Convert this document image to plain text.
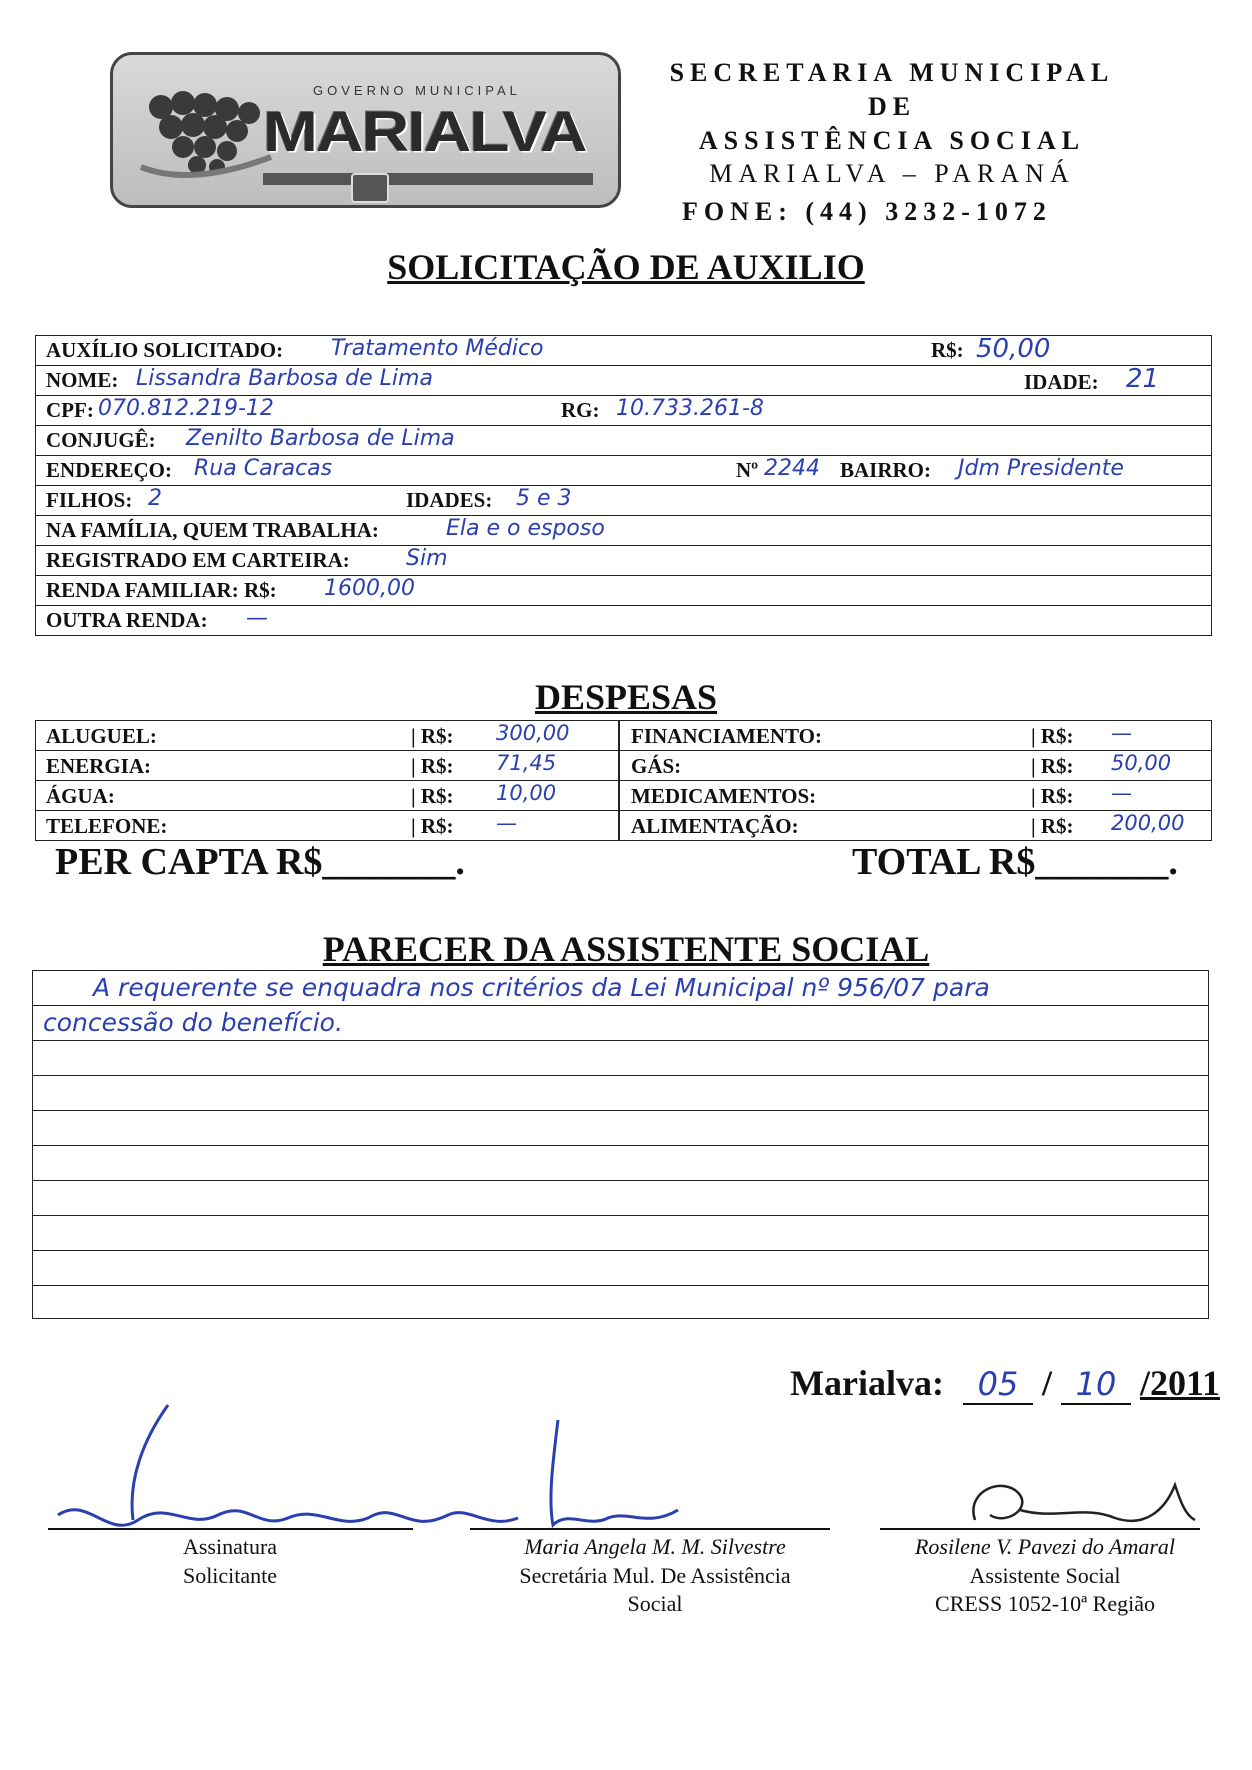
GOVERNO MUNICIPAL
MARIALVA
SECRETARIA MUNICIPAL
DE
ASSISTÊNCIA SOCIAL
MARIALVA – PARANÁ
FONE: (44) 3232-1072
SOLICITAÇÃO DE AUXILIO
AUXÍLIO SOLICITADO: Tratamento Médico	R$: 50,00
NOME: Lissandra Barbosa de Lima	IDADE: 21
CPF: 070.812.219-12	RG: 10.733.261-8
CONJUGÊ: Zenilto Barbosa de Lima
ENDEREÇO: Rua Caracas	Nº 2244 BAIRRO: Jdm Presidente
FILHOS: 2	IDADES: 5 e 3
NA FAMÍLIA, QUEM TRABALHA:	Ela e o esposo
REGISTRADO EM CARTEIRA:	Sim
RENDA FAMILIAR: R$: 1600,00
OUTRA RENDA: —
DESPESAS
ALUGUEL:	| R$: 300,00	FINANCIAMENTO:	| R$: —
ENERGIA:	| R$: 71,45	GÁS:	| R$: 50,00
ÁGUA:	| R$: 10,00	MEDICAMENTOS:	| R$: —
TELEFONE:	| R$: —	ALIMENTAÇÃO:	| R$: 200,00
PER CAPTA R$_______.	TOTAL R$_______.
PARECER DA ASSISTENTE SOCIAL
A requerente se enquadra nos critérios da Lei Municipal nº 956/07 para
concessão do benefício.
Marialva: 05 / 10 /2011
Assinatura
Solicitante
Maria Angela M. M. Silvestre
Secretária Mul. De Assistência
Social
Rosilene V. Pavezi do Amaral
Assistente Social
CRESS 1052-10ª Região
